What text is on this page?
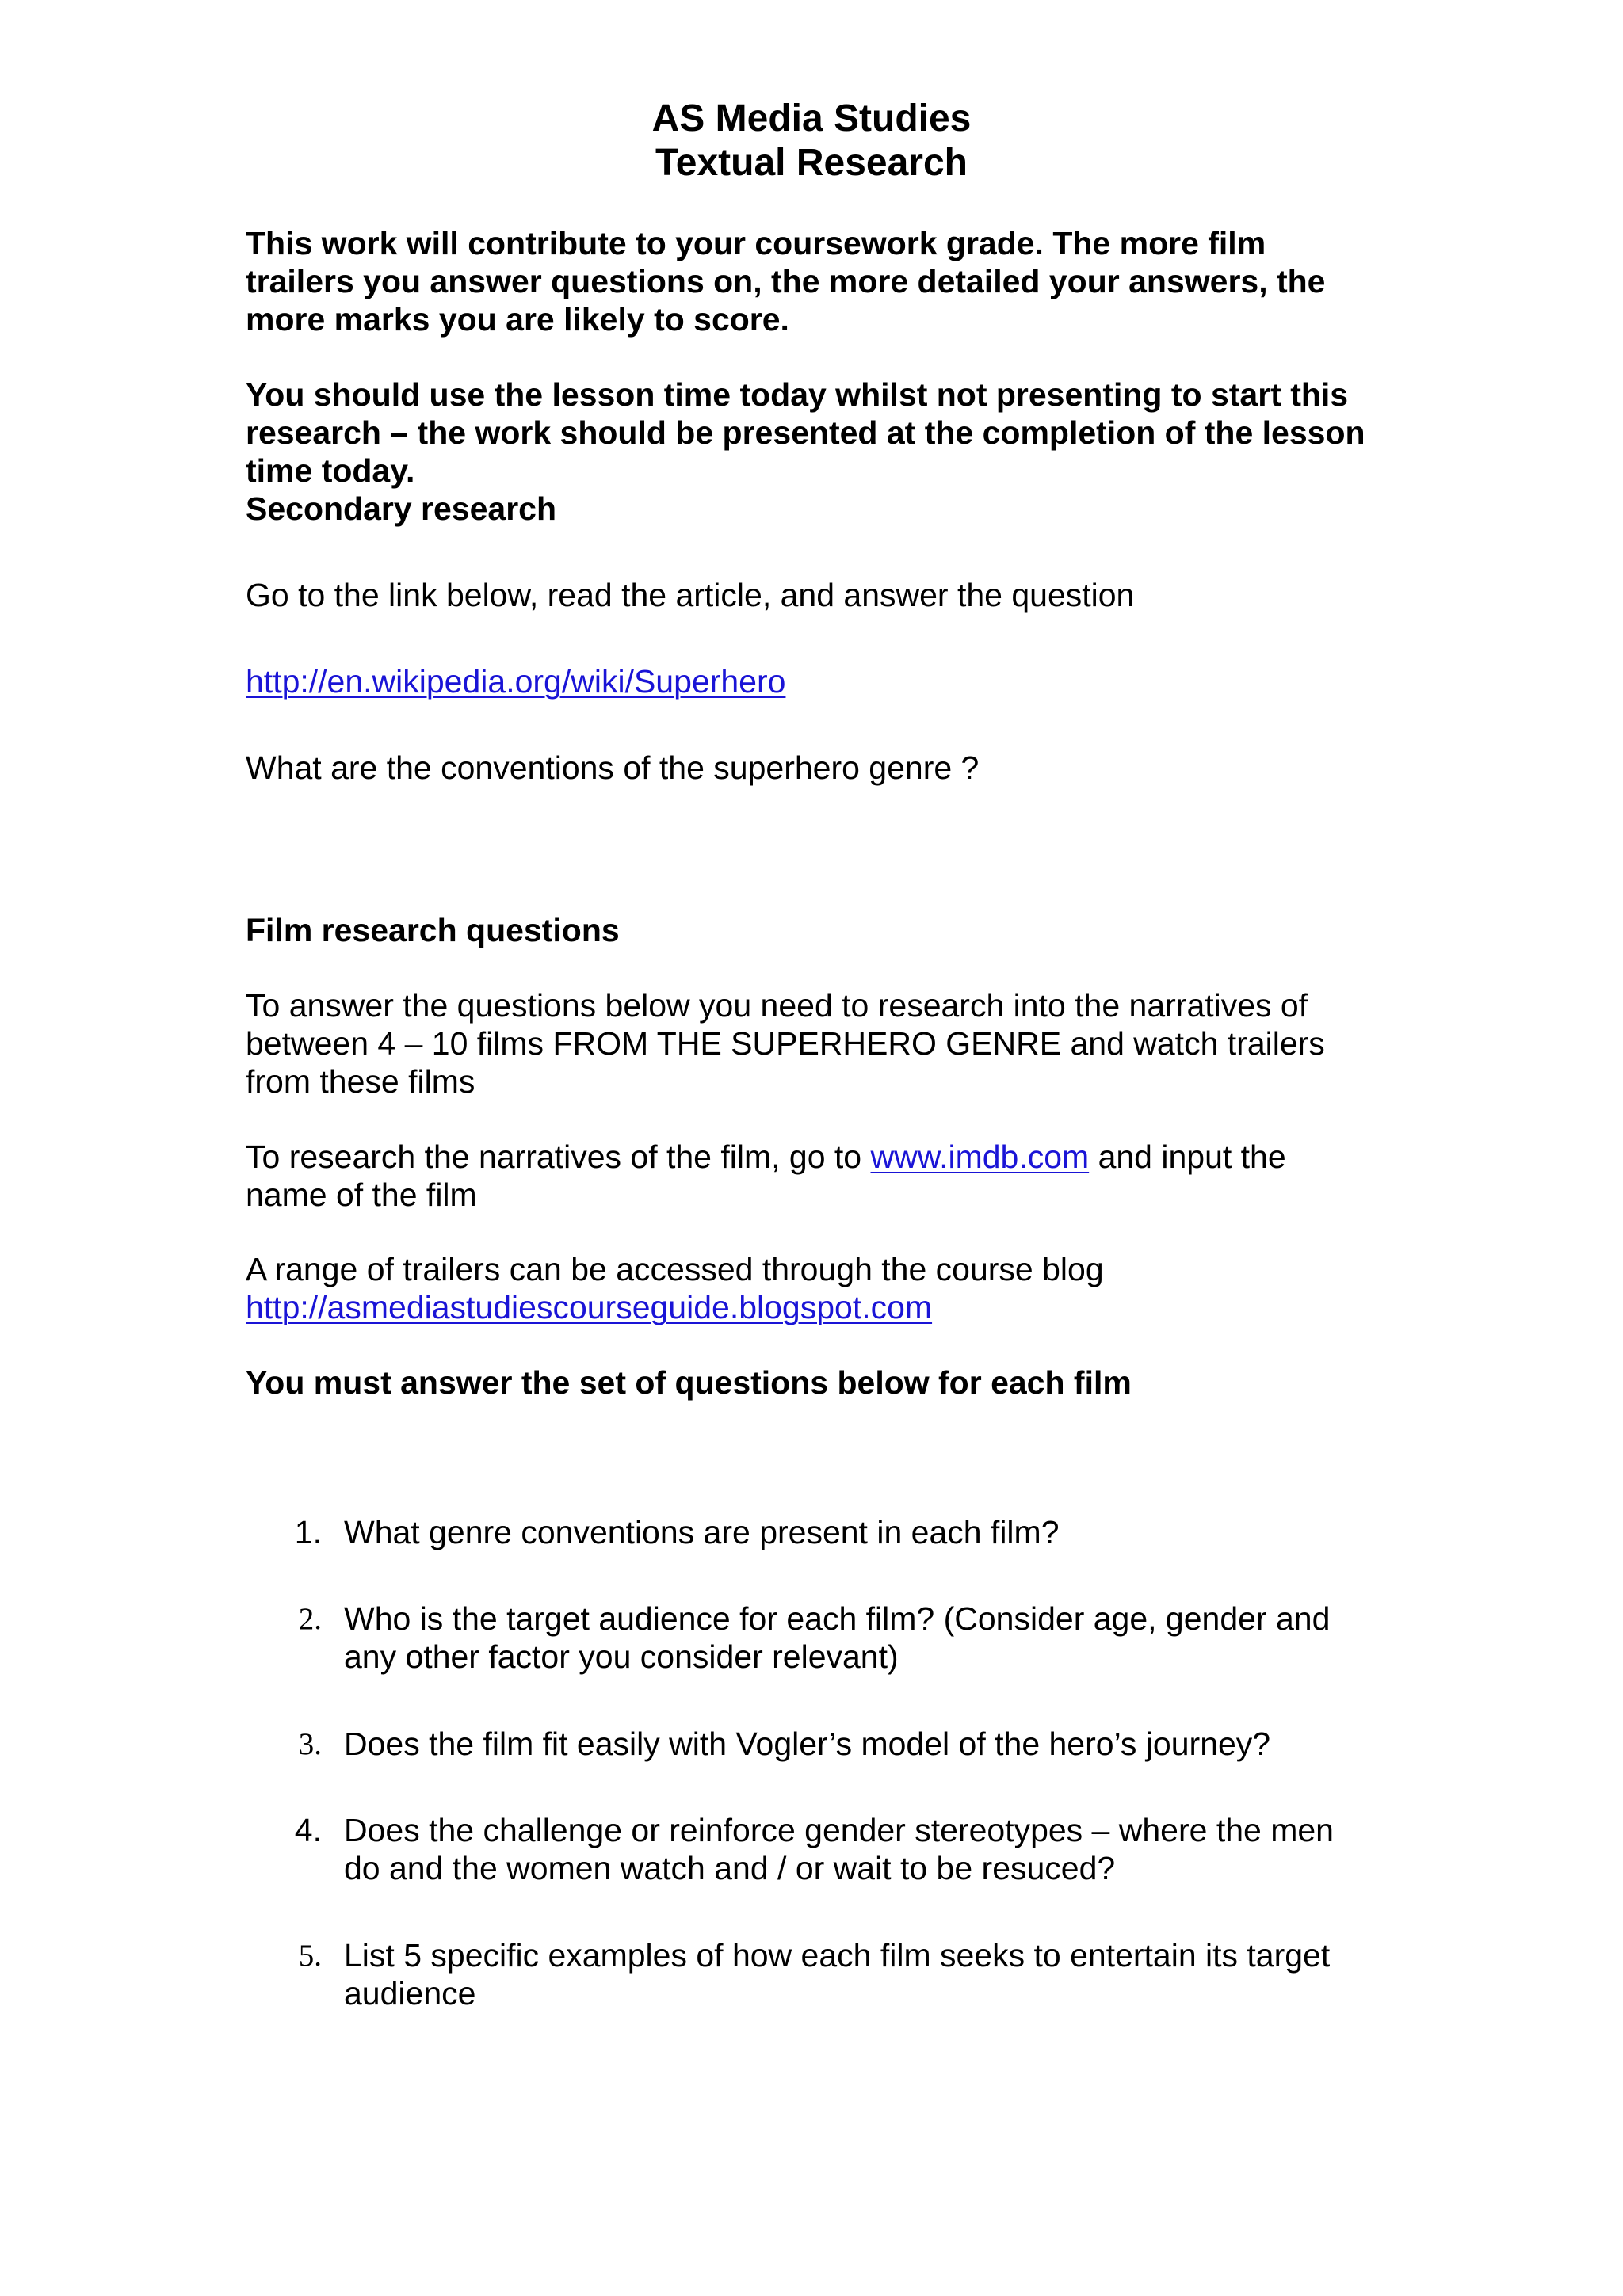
AS Media Studies
Textual Research
This work will contribute to your coursework grade. The more film
trailers you answer questions on, the more detailed your answers, the
more marks you are likely to score.
You should use the lesson time today whilst not presenting to start this
research – the work should be presented at the completion of the lesson
time today.
Secondary research
Go to the link below, read the article, and answer the question
http://en.wikipedia.org/wiki/Superhero
What are the conventions of the superhero genre ?
Film research questions
To answer the questions below you need to research into the narratives of
between 4 – 10 films FROM THE SUPERHERO GENRE and watch trailers
from these films
To research the narratives of the film, go to www.imdb.com and input the
name of the film
A range of trailers can be accessed through the course blog
http://asmediastudiescourseguide.blogspot.com
You must answer the set of questions below for each film
1. What genre conventions are present in each film?
2. Who is the target audience for each film? (Consider age, gender and
any other factor you consider relevant)
3. Does the film fit easily with Vogler’s model of the hero’s journey?
4. Does the challenge or reinforce gender stereotypes – where the men
do and the women watch and / or wait to be resuced?
5. List 5 specific examples of how each film seeks to entertain its target
audience
